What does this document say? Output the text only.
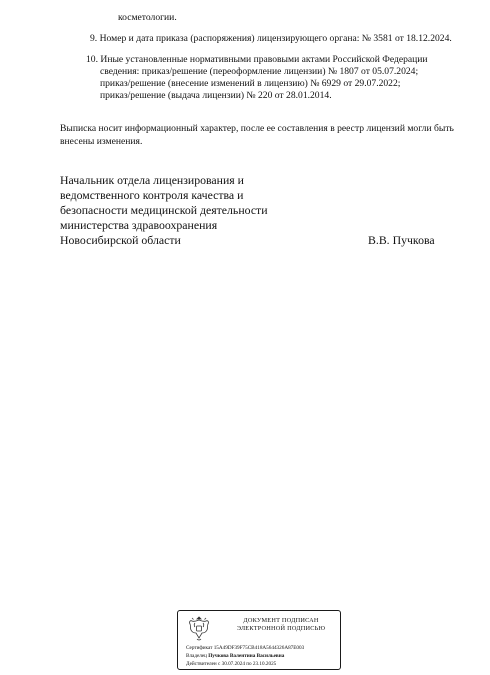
косметологии.
9. Номер и дата приказа (распоряжения) лицензирующего органа: № 3581 от 18.12.2024.
10. Иные установленные нормативными правовыми актами Российской Федерации
сведения: приказ/решение (переоформление лицензии) № 1807 от 05.07.2024;
приказ/решение (внесение изменений в лицензию) № 6929 от 29.07.2022;
приказ/решение (выдача лицензии) № 220 от 28.01.2014.
Выписка носит информационный характер, после ее составления в реестр лицензий могли быть
внесены изменения.
Начальник отдела лицензирования и
ведомственного контроля качества и
безопасности медицинской деятельности
министерства здравоохранения
Новосибирской области	В.В. Пучкова
ДОКУМЕНТ ПОДПИСАН
ЭЛЕКТРОННОЙ ПОДПИСЬЮ
Сертификат 15A49DF39F75CB418A5644326A87E003
Владелец Пучкова Валентина Васильевна
Действителен с 30.07.2024 по 23.10.2025
